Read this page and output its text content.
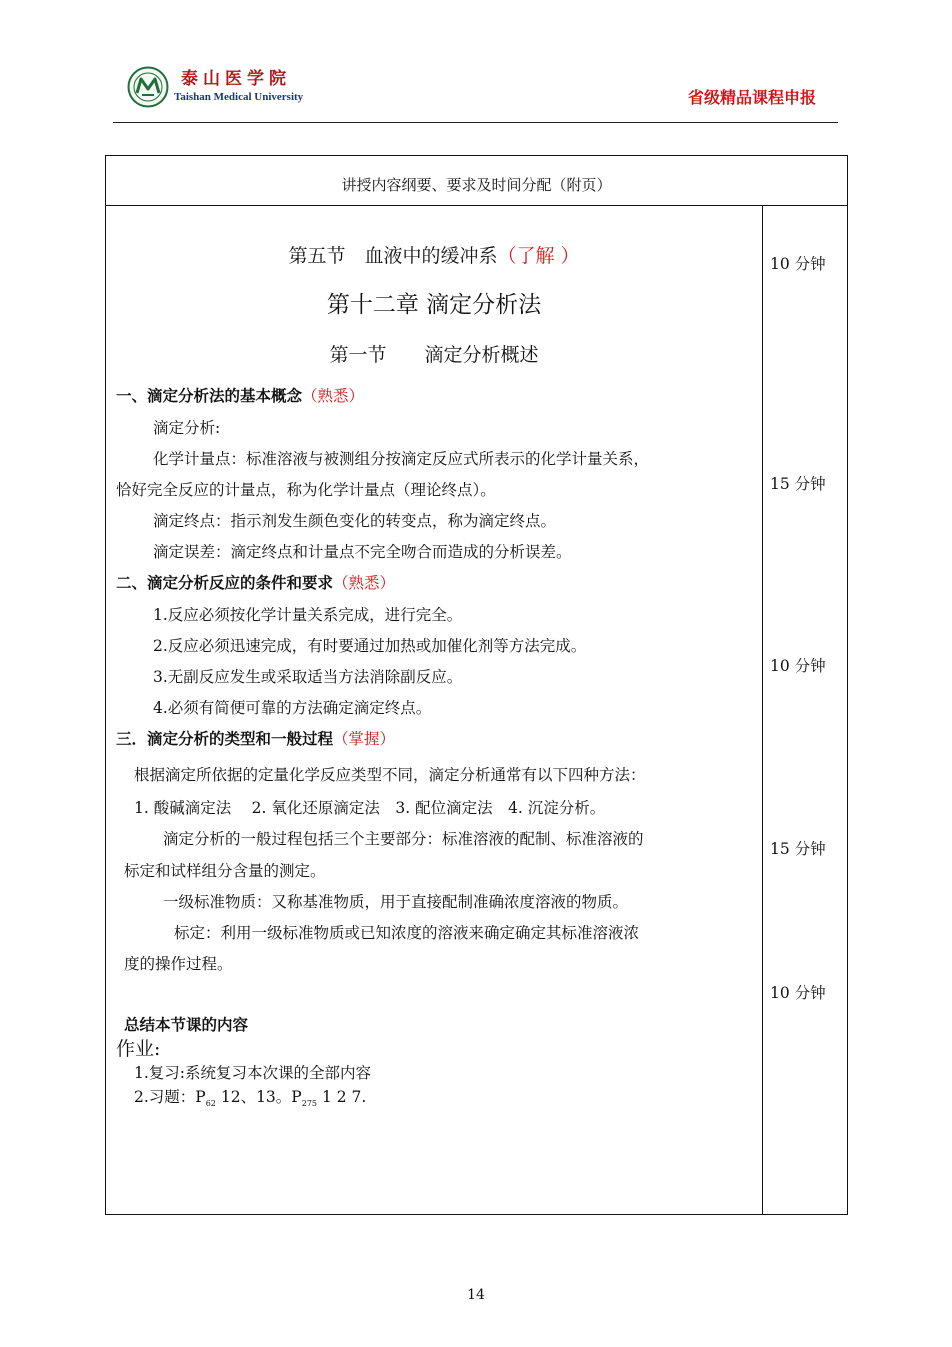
泰山医学院
Taishan Medical University	省级精品课程申报
讲授内容纲要、要求及时间分配（附页）
第五节　血液中的缓冲系（了解 ）
第十二章 滴定分析法
第一节　　滴定分析概述
一、滴定分析法的基本概念（熟悉）
滴定分析:
化学计量点：标准溶液与被测组分按滴定反应式所表示的化学计量关系，
恰好完全反应的计量点，称为化学计量点（理论终点）。
滴定终点：指示剂发生颜色变化的转变点，称为滴定终点。
滴定误差：滴定终点和计量点不完全吻合而造成的分析误差。
二、滴定分析反应的条件和要求（熟悉）
1.反应必须按化学计量关系完成，进行完全。
2.反应必须迅速完成，有时要通过加热或加催化剂等方法完成。
3.无副反应发生或采取适当方法消除副反应。
4.必须有简便可靠的方法确定滴定终点。
三．滴定分析的类型和一般过程（掌握）
根据滴定所依据的定量化学反应类型不同，滴定分析通常有以下四种方法：
1. 酸碱滴定法　 2. 氧化还原滴定法　3. 配位滴定法　4. 沉淀分析。
滴定分析的一般过程包括三个主要部分：标准溶液的配制、标准溶液的
标定和试样组分含量的测定。
一级标准物质：又称基准物质，用于直接配制准确浓度溶液的物质。
标定：利用一级标准物质或已知浓度的溶液来确定确定其标准溶液浓
度的操作过程。
总结本节课的内容
作业:
1.复习:系统复习本次课的全部内容
2.习题：$P_{62}$ 12、13。$P_{275}$ 1 2 7.
10 分钟
15 分钟
10 分钟
15 分钟
10 分钟
14
